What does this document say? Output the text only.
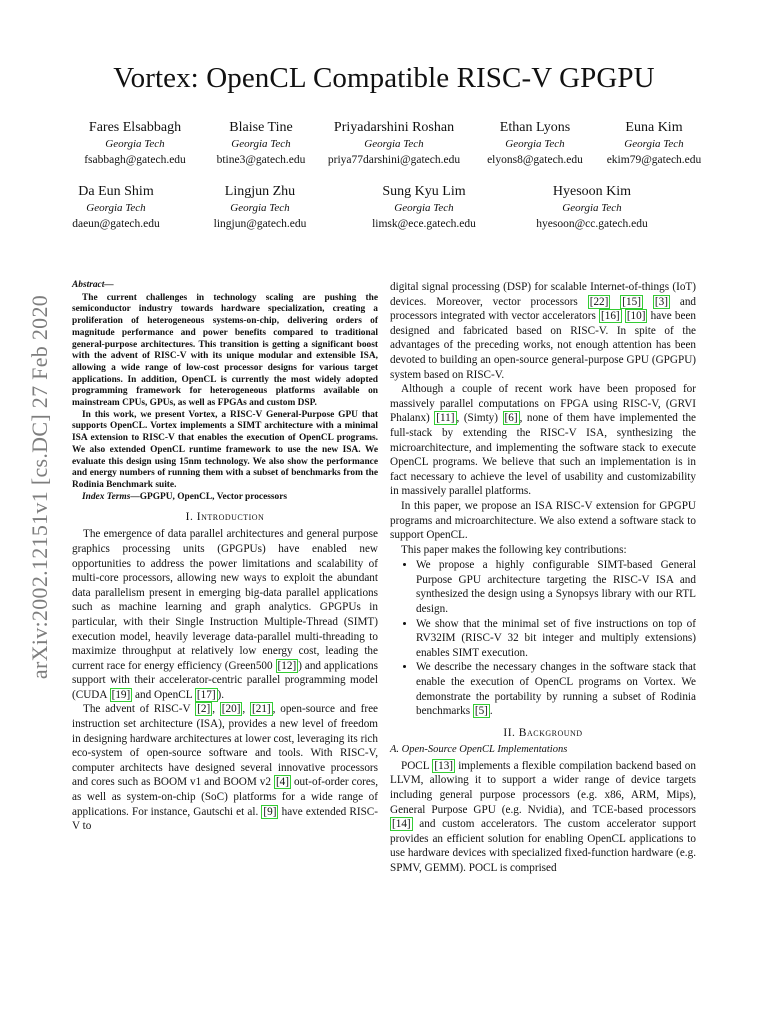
Vortex: OpenCL Compatible RISC-V GPGPU
Fares Elsabbagh
Georgia Tech
fsabbagh@gatech.edu
Blaise Tine
Georgia Tech
btine3@gatech.edu
Priyadarshini Roshan
Georgia Tech
priya77darshini@gatech.edu
Ethan Lyons
Georgia Tech
elyons8@gatech.edu
Euna Kim
Georgia Tech
ekim79@gatech.edu
Da Eun Shim
Georgia Tech
daeun@gatech.edu
Lingjun Zhu
Georgia Tech
lingjun@gatech.edu
Sung Kyu Lim
Georgia Tech
limsk@ece.gatech.edu
Hyesoon Kim
Georgia Tech
hyesoon@cc.gatech.edu
arXiv:2002.12151v1 [cs.DC] 27 Feb 2020

Abstract—

The current challenges in technology scaling are pushing the semiconductor industry towards hardware specialization, creating a proliferation of heterogeneous systems-on-chip, delivering orders of magnitude performance and power benefits compared to traditional general-purpose architectures. This transition is getting a significant boost with the advent of RISC-V with its unique modular and extensible ISA, allowing a wide range of low-cost processor designs for various target applications. In addition, OpenCL is currently the most widely adopted programming framework for heterogeneous platforms available on mainstream CPUs, GPUs, as well as FPGAs and custom DSP.

In this work, we present Vortex, a RISC-V General-Purpose GPU that supports OpenCL. Vortex implements a SIMT architecture with a minimal ISA extension to RISC-V that enables the execution of OpenCL programs. We also extended OpenCL runtime framework to use the new ISA. We evaluate this design using 15nm technology. We also show the performance and energy numbers of running them with a subset of benchmarks from the Rodinia Benchmark suite.

Index Terms—GPGPU, OpenCL, Vector processors

I. Introduction

The emergence of data parallel architectures and general purpose graphics processing units (GPGPUs) have enabled new opportunities to address the power limitations and scalability of multi-core processors, allowing new ways to exploit the abundant data parallelism present in emerging big-data parallel applications such as machine learning and graph analytics. GPGPUs in particular, with their Single Instruction Multiple-Thread (SIMT) execution model, heavily leverage data-parallel multi-threading to maximize throughput at relatively low energy cost, leading the current race for energy efficiency (Green500 [12] ) and applications support with their accelerator-centric parallel programming model (CUDA [19] and OpenCL [17] ).

The advent of RISC-V [2] , [20] , [21] , open-source and free instruction set architecture (ISA), provides a new level of freedom in designing hardware architectures at lower cost, leveraging its rich eco-system of open-source software and tools. With RISC-V, computer architects have designed several innovative processors and cores such as BOOM v1 and BOOM v2 [4] out-of-order cores, as well as system-on-chip (SoC) platforms for a wide range of applications. For instance, Gautschi et al. [9] have extended RISC-V to

digital signal processing (DSP) for scalable Internet-of-things (IoT) devices. Moreover, vector processors [22] [15] [3] and processors integrated with vector accelerators [16] [10] have been designed and fabricated based on RISC-V. In spite of the advantages of the preceding works, not enough attention has been devoted to building an open-source general-purpose GPU (GPGPU) system based on RISC-V.

Although a couple of recent work have been proposed for massively parallel computations on FPGA using RISC-V, (GRVI Phalanx) [11] , (Simty) [6] , none of them have implemented the full-stack by extending the RISC-V ISA, synthesizing the microarchitecture, and implementing the software stack to execute OpenCL programs. We believe that such an implementation is in fact necessary to achieve the level of usability and customizability in massively parallel platforms.

In this paper, we propose an ISA RISC-V extension for GPGPU programs and microarchitecture. We also extend a software stack to support OpenCL.

This paper makes the following key contributions:

• We propose a highly configurable SIMT-based General Purpose GPU architecture targeting the RISC-V ISA and synthesized the design using a Synopsys library with our RTL design.
• We show that the minimal set of five instructions on top of RV32IM (RISC-V 32 bit integer and multiply extensions) enables SIMT execution.
• We describe the necessary changes in the software stack that enable the execution of OpenCL programs on Vortex. We demonstrate the portability by running a subset of Rodinia benchmarks [5] .
II. Background
A. Open-Source OpenCL Implementations

POCL [13] implements a flexible compilation backend based on LLVM, allowing it to support a wider range of device targets including general purpose processors (e.g. x86, ARM, Mips), General Purpose GPU (e.g. Nvidia), and TCE-based processors [14] and custom accelerators. The custom accelerator support provides an efficient solution for enabling OpenCL applications to use hardware devices with specialized fixed-function hardware (e.g. SPMV, GEMM). POCL is comprised
